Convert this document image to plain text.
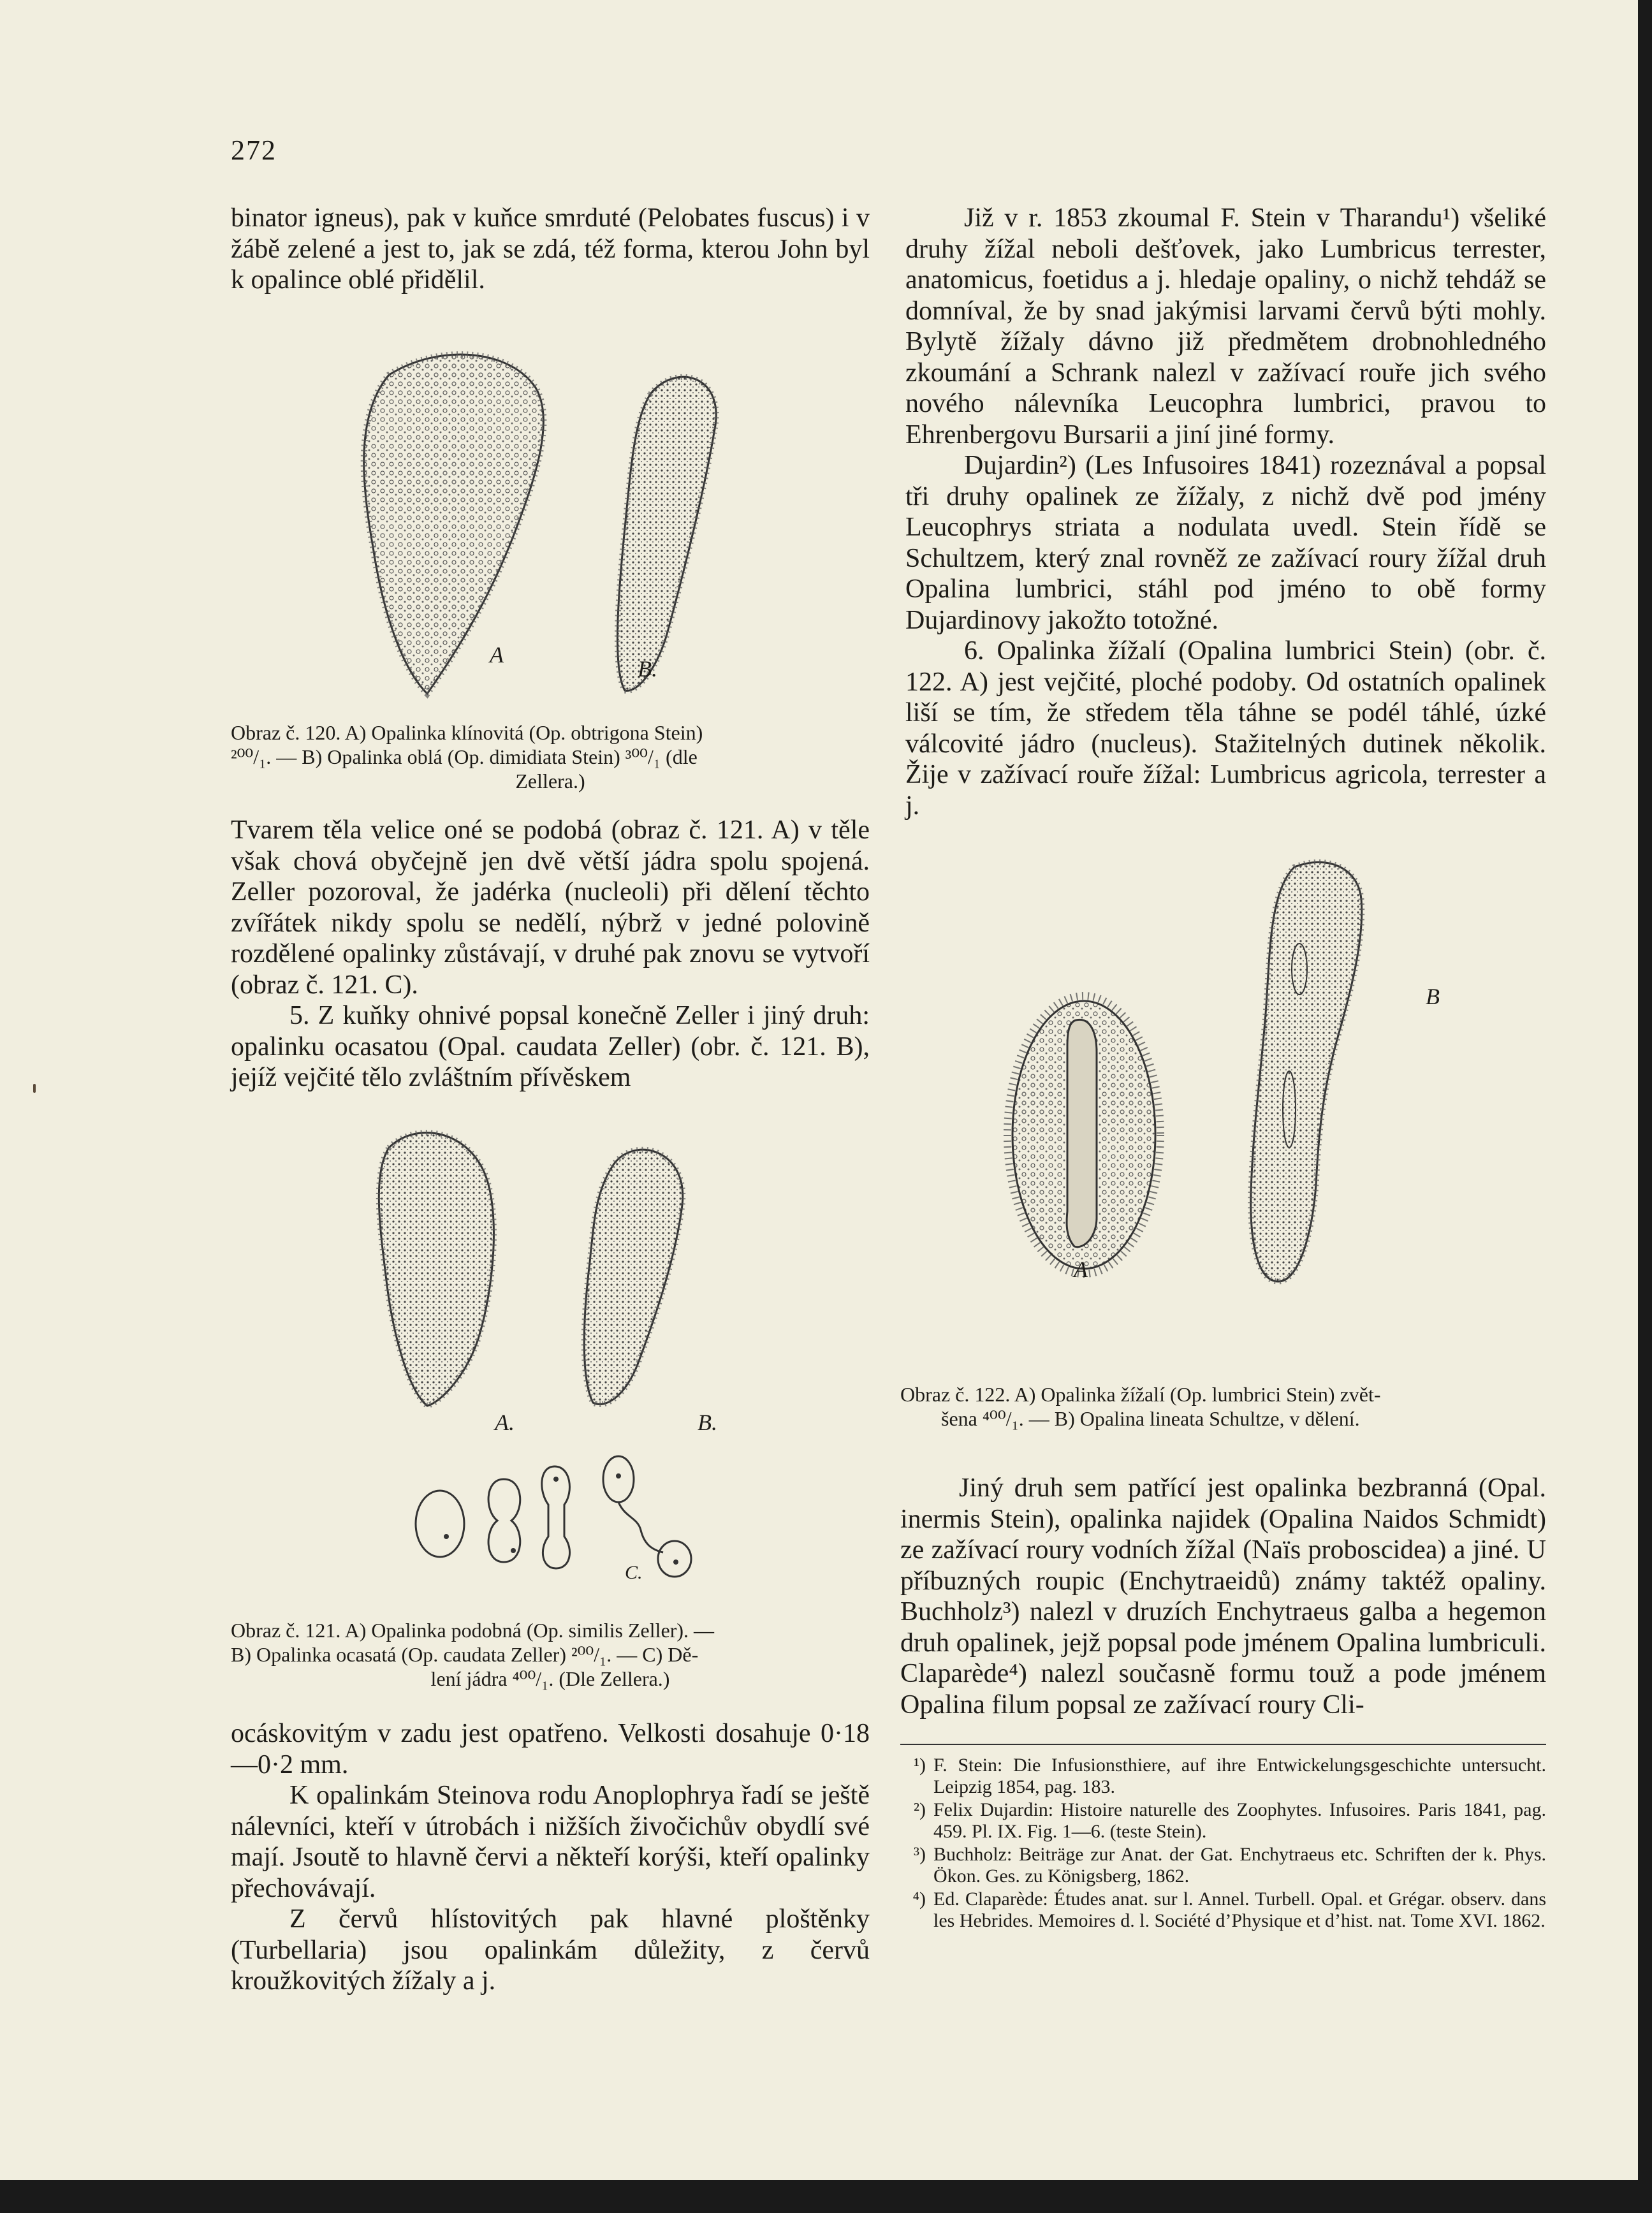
272

binator igneus), pak v kuňce smrduté (Pelobates fuscus) i v žábě zelené a jest to, jak se zdá, též forma, kterou John byl k opalince oblé přidělil.

A
B.
Obraz č. 120. A) Opalinka klínovitá (Op. obtrigona Stein)
²⁰⁰/₁. — B) Opalinka oblá (Op. dimidiata Stein) ³⁰⁰/₁ (dle
Zellera.)

Tvarem těla velice oné se podobá (obraz č. 121. A) v těle však chová obyčejně jen dvě větší jádra spolu spojená. Zeller pozoroval, že jadérka (nucleoli) při dělení těchto zvířátek nikdy spolu se nedělí, nýbrž v jedné polovině rozdělené opalinky zůstávají, v druhé pak znovu se vytvoří (obraz č. 121. C).

5. Z kuňky ohnivé popsal konečně Zeller i jiný druh: opalinku ocasatou (Opal. caudata Zeller) (obr. č. 121. B), jejíž vejčité tělo zvláštním přívěskem

A.	B.
C.
Obraz č. 121. A) Opalinka podobná (Op. similis Zeller). —
B) Opalinka ocasatá (Op. caudata Zeller) ²⁰⁰/₁. — C) Dě-
lení jádra ⁴⁰⁰/₁. (Dle Zellera.)

ocáskovitým v zadu jest opatřeno. Velkosti dosahuje 0·18—0·2 mm.

K opalinkám Steinova rodu Anoplophrya řadí se ještě nálevníci, kteří v útrobách i nižších živočichův obydlí své mají. Jsoutě to hlavně červi a někteří korýši, kteří opalinky přechovávají.

Z červů hlístovitých pak hlavné ploštěnky (Turbellaria) jsou opalinkám důležity, z červů kroužkovitých žížaly a j.

Již v r. 1853 zkoumal F. Stein v Tharandu¹) všeliké druhy žížal neboli dešťovek, jako Lumbricus terrester, anatomicus, foetidus a j. hledaje opaliny, o nichž tehdáž se domníval, že by snad jakýmisi larvami červů býti mohly. Bylytě žížaly dávno již předmětem drobnohledného zkoumání a Schrank nalezl v zažívací rouře jich svého nového nálevníka Leucophra lumbrici, pravou to Ehrenbergovu Bursarii a jiní jiné formy.

Dujardin²) (Les Infusoires 1841) rozeznával a popsal tři druhy opalinek ze žížaly, z nichž dvě pod jmény Leucophrys striata a nodulata uvedl. Stein řídě se Schultzem, který znal rovněž ze zažívací roury žížal druh Opalina lumbrici, stáhl pod jméno to obě formy Dujardinovy jakožto totožné.

6. Opalinka žížalí (Opalina lumbrici Stein) (obr. č. 122. A) jest vejčité, ploché podoby. Od ostatních opalinek liší se tím, že středem těla táhne se podél táhlé, úzké válcovité jádro (nucleus). Stažitelných dutinek několik. Žije v zažívací rouře žížal: Lumbricus agricola, terrester a j.

A
B
Obraz č. 122. A) Opalinka žížalí (Op. lumbrici Stein) zvět-
šena ⁴⁰⁰/₁. — B) Opalina lineata Schultze, v dělení.

Jiný druh sem patřící jest opalinka bezbranná (Opal. inermis Stein), opalinka najidek (Opalina Naidos Schmidt) ze zažívací roury vodních žížal (Naïs proboscidea) a jiné. U příbuzných roupic (Enchytraeidů) známy taktéž opaliny. Buchholz³) nalezl v druzích Enchytraeus galba a hegemon druh opalinek, jejž popsal pode jménem Opalina lumbriculi. Claparède⁴) nalezl současně formu touž a pode jménem Opalina filum popsal ze zažívací roury Cli-

¹) F. Stein: Die Infusionsthiere, auf ihre Entwickelungsgeschichte untersucht. Leipzig 1854, pag. 183.
²) Felix Dujardin: Histoire naturelle des Zoophytes. Infusoires. Paris 1841, pag. 459. Pl. IX. Fig. 1—6. (teste Stein).
³) Buchholz: Beiträge zur Anat. der Gat. Enchytraeus etc. Schriften der k. Phys. Ökon. Ges. zu Königsberg, 1862.
⁴) Ed. Claparède: Études anat. sur l. Annel. Turbell. Opal. et Grégar. observ. dans les Hebrides. Memoires d. l. Société d’Physique et d’hist. nat. Tome XVI. 1862.
